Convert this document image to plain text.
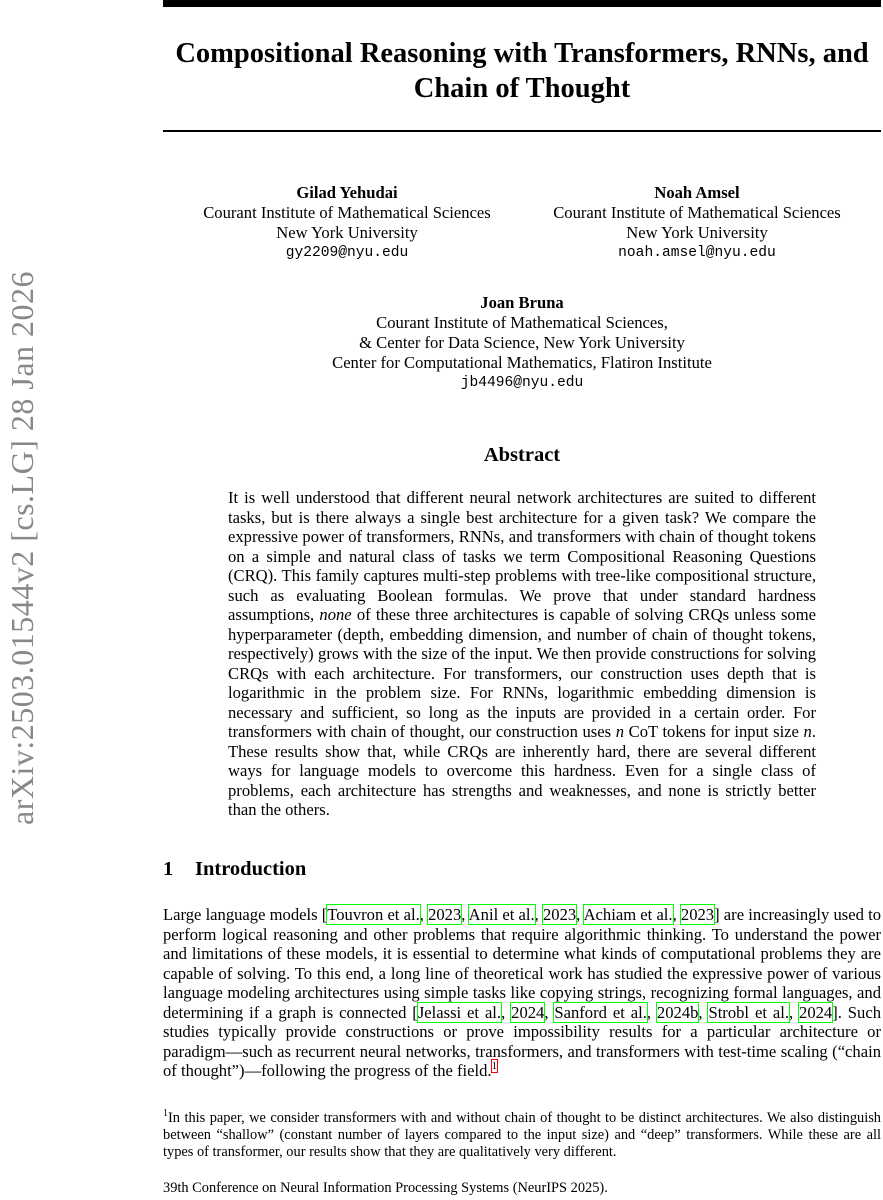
arXiv:2503.01544v2 [cs.LG] 28 Jan 2026
Compositional Reasoning with Transformers, RNNs, and Chain of Thought
Gilad Yehudai
Courant Institute of Mathematical Sciences
New York University
gy2209@nyu.edu
Noah Amsel
Courant Institute of Mathematical Sciences
New York University
noah.amsel@nyu.edu
Joan Bruna
Courant Institute of Mathematical Sciences,
& Center for Data Science, New York University
Center for Computational Mathematics, Flatiron Institute
jb4496@nyu.edu
Abstract
It is well understood that different neural network architectures are suited to different tasks, but is there always a single best architecture for a given task? We compare the expressive power of transformers, RNNs, and transformers with chain of thought tokens on a simple and natural class of tasks we term Compositional Reasoning Questions (CRQ). This family captures multi-step problems with tree-like compositional structure, such as evaluating Boolean formulas. We prove that under standard hardness assumptions, none of these three architectures is capable of solving CRQs unless some hyperparameter (depth, embedding dimension, and number of chain of thought tokens, respectively) grows with the size of the input. We then provide constructions for solving CRQs with each architecture. For transformers, our construction uses depth that is logarithmic in the problem size. For RNNs, logarithmic embedding dimension is necessary and sufficient, so long as the inputs are provided in a certain order. For transformers with chain of thought, our construction uses n CoT tokens for input size n. These results show that, while CRQs are inherently hard, there are several different ways for language models to overcome this hardness. Even for a single class of problems, each architecture has strengths and weaknesses, and none is strictly better than the others.
1 Introduction
Large language models [Touvron et al., 2023, Anil et al., 2023, Achiam et al., 2023] are increasingly used to perform logical reasoning and other problems that require algorithmic thinking. To understand the power and limitations of these models, it is essential to determine what kinds of computational problems they are capable of solving. To this end, a long line of theoretical work has studied the expressive power of various language modeling architectures using simple tasks like copying strings, recognizing formal languages, and determining if a graph is connected [Jelassi et al., 2024, Sanford et al., 2024b, Strobl et al., 2024]. Such studies typically provide constructions or prove impossibility results for a particular architecture or paradigm—such as recurrent neural networks, transformers, and transformers with test-time scaling (“chain of thought”)—following the progress of the field.$^1$
$^1$In this paper, we consider transformers with and without chain of thought to be distinct architectures. We also distinguish between “shallow” (constant number of layers compared to the input size) and “deep” transformers. While these are all types of transformer, our results show that they are qualitatively very different.
39th Conference on Neural Information Processing Systems (NeurIPS 2025).
